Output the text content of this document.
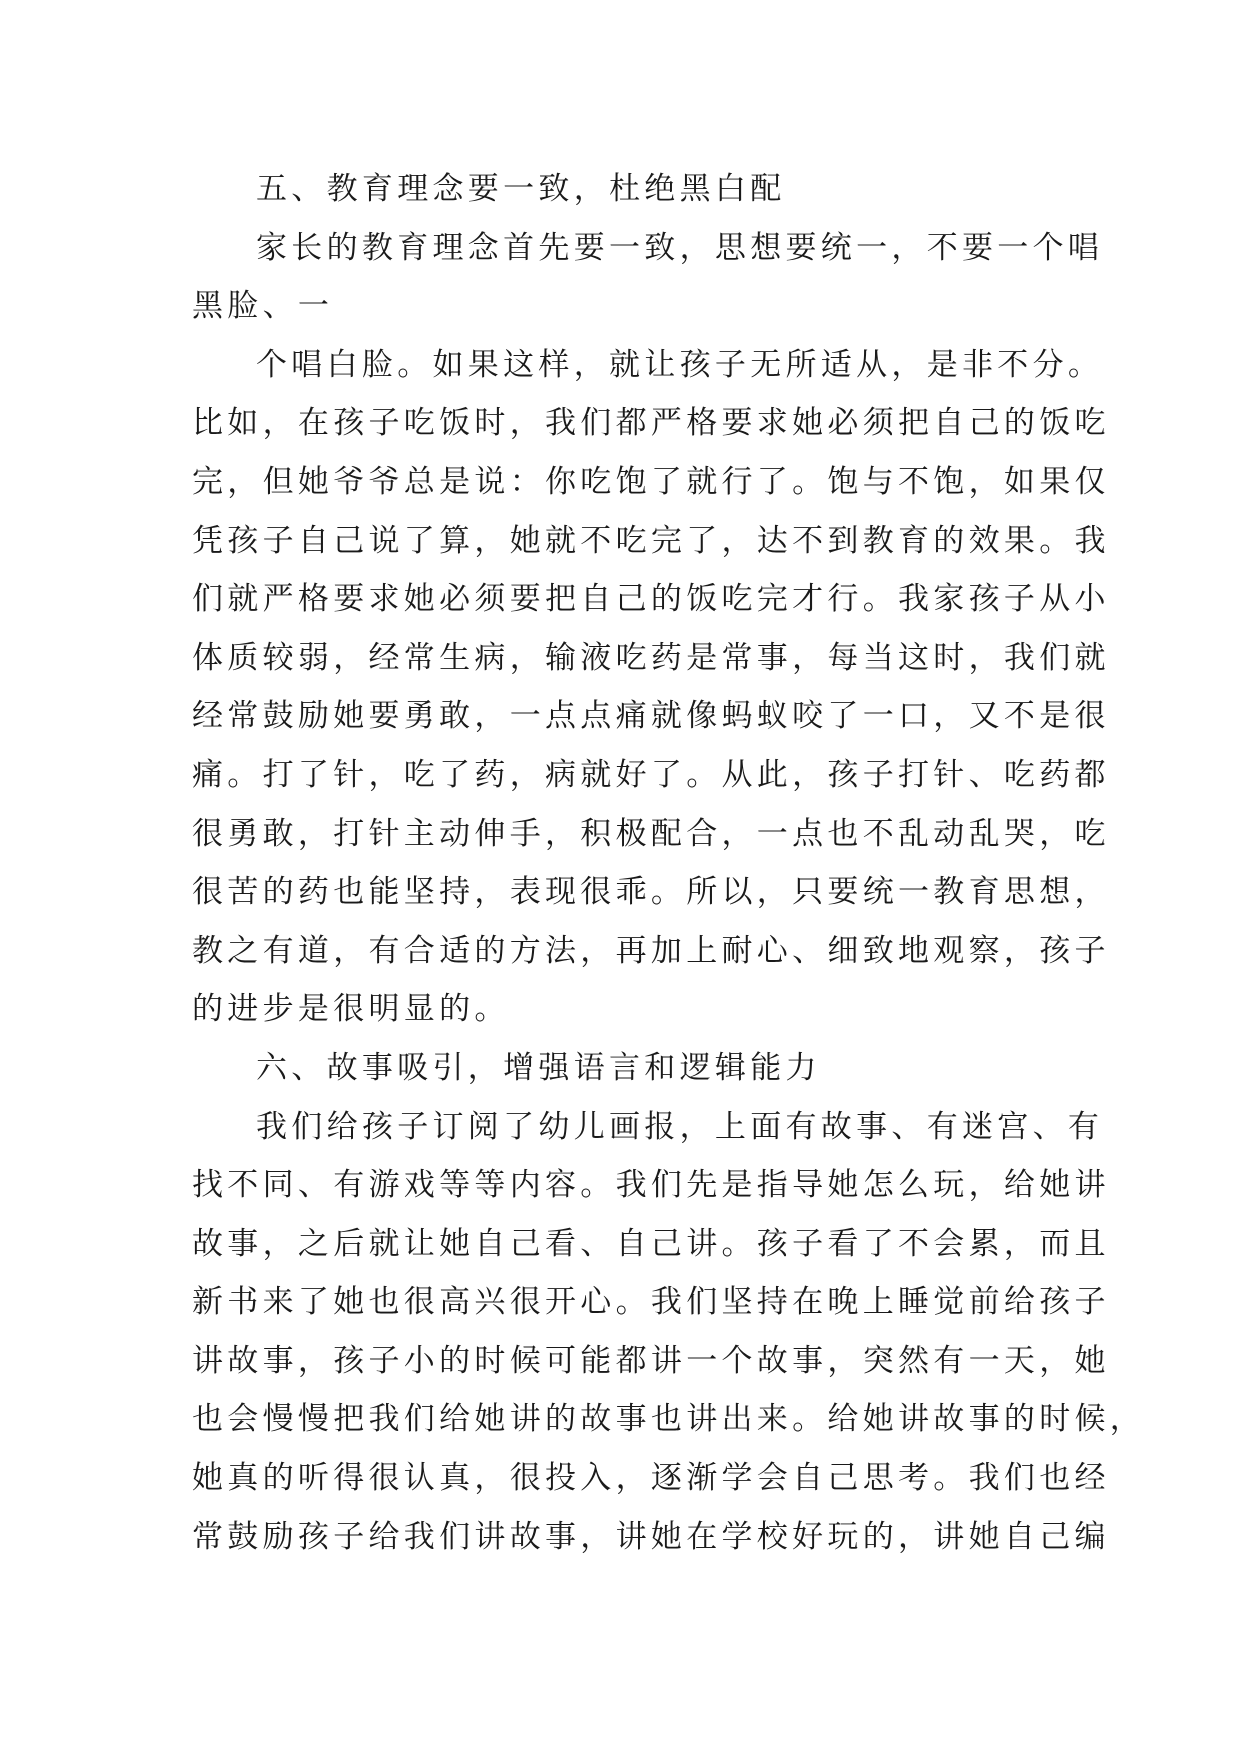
五、教育理念要一致，杜绝黑白配
家长的教育理念首先要一致，思想要统一，不要一个唱
黑脸、一
个唱白脸。如果这样，就让孩子无所适从，是非不分。
比如，在孩子吃饭时，我们都严格要求她必须把自己的饭吃
完，但她爷爷总是说：你吃饱了就行了。饱与不饱，如果仅
凭孩子自己说了算，她就不吃完了，达不到教育的效果。我
们就严格要求她必须要把自己的饭吃完才行。我家孩子从小
体质较弱，经常生病，输液吃药是常事，每当这时，我们就
经常鼓励她要勇敢，一点点痛就像蚂蚁咬了一口，又不是很
痛。打了针，吃了药，病就好了。从此，孩子打针、吃药都
很勇敢，打针主动伸手，积极配合，一点也不乱动乱哭，吃
很苦的药也能坚持，表现很乖。所以，只要统一教育思想，
教之有道，有合适的方法，再加上耐心、细致地观察，孩子
的进步是很明显的。
六、故事吸引，增强语言和逻辑能力
我们给孩子订阅了幼儿画报，上面有故事、有迷宫、有
找不同、有游戏等等内容。我们先是指导她怎么玩，给她讲
故事，之后就让她自己看、自己讲。孩子看了不会累，而且
新书来了她也很高兴很开心。我们坚持在晚上睡觉前给孩子
讲故事，孩子小的时候可能都讲一个故事，突然有一天，她
也会慢慢把我们给她讲的故事也讲出来。给她讲故事的时候，
她真的听得很认真，很投入，逐渐学会自己思考。我们也经
常鼓励孩子给我们讲故事，讲她在学校好玩的，讲她自己编
